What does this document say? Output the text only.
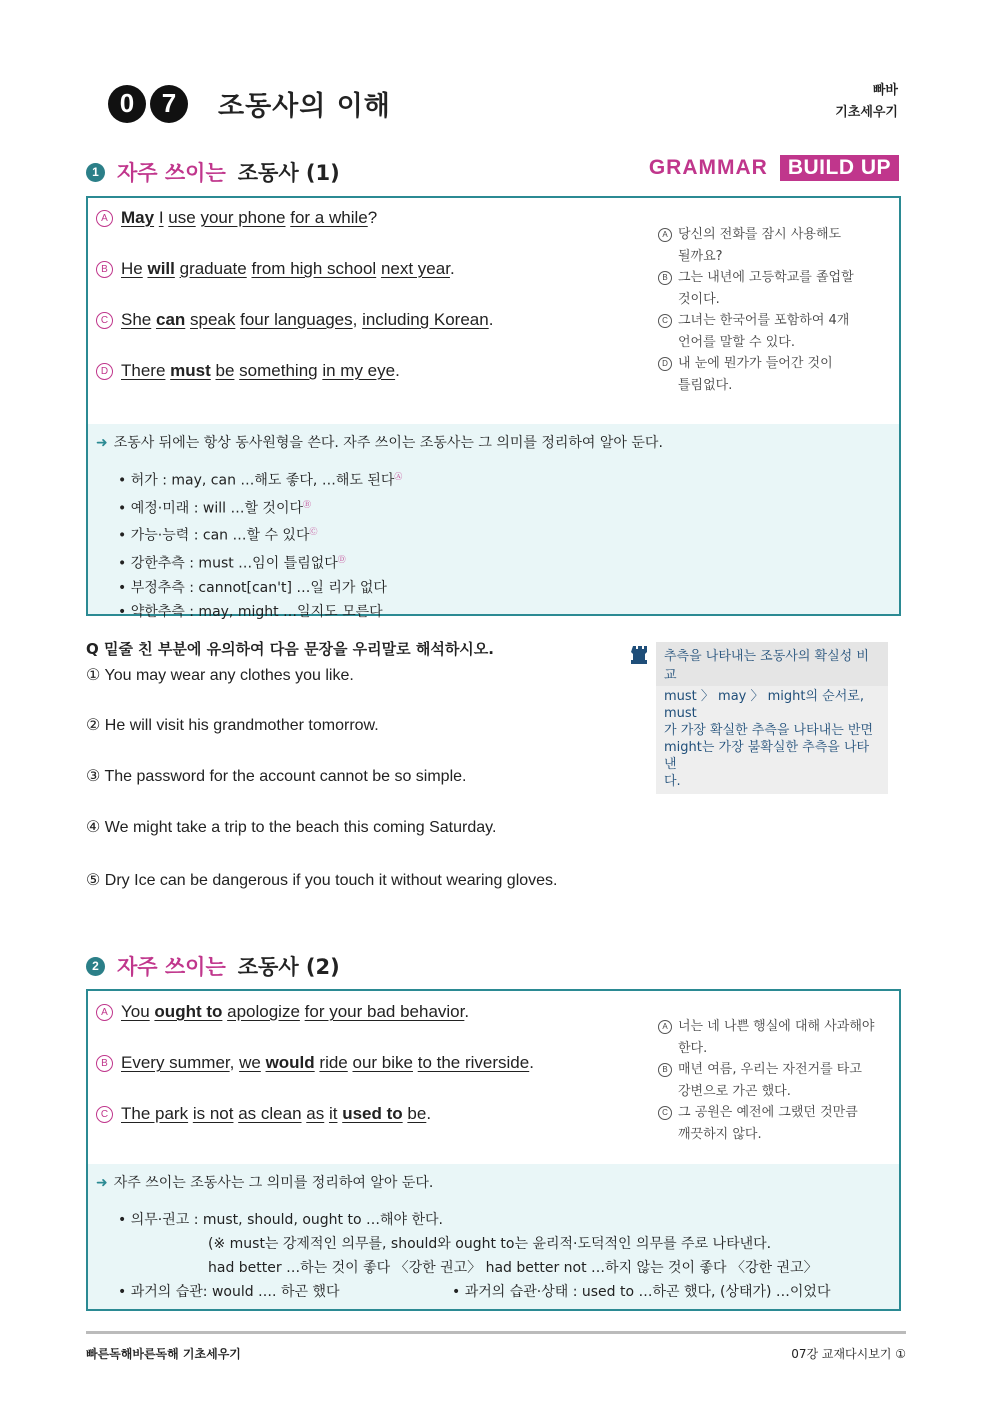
0	7	조동사의 이해
빠바
기초세우기
1 자주 쓰이는 조동사 (1)	GRAMMAR BUILD UP
A May I use your phone for a while?
B He will graduate from high school next year.
C She can speak four languages, including Korean.
D There must be something in my eye.
A 당신의 전화를 잠시 사용해도
될까요?
B 그는 내년에 고등학교를 졸업할
것이다.
C 그녀는 한국어를 포함하여 4개
언어를 말할 수 있다.
D 내 눈에 뭔가가 들어간 것이
틀림없다.
➜ 조동사 뒤에는 항상 동사원형을 쓴다. 자주 쓰이는 조동사는 그 의미를 정리하여 알아 둔다.
• 허가 : may, can …해도 좋다, …해도 된다Ⓐ
• 예정·미래 : will …할 것이다Ⓑ
• 가능·능력 : can …할 수 있다Ⓒ
• 강한추측 : must …임이 틀림없다Ⓓ
• 부정추측 : cannot[can't] …일 리가 없다
• 약한추측 : may, might …일지도 모른다
Q 밑줄 친 부분에 유의하여 다음 문장을 우리말로 해석하시오.
① You may wear any clothes you like.
② He will visit his grandmother tomorrow.
③ The password for the account cannot be so simple.
④ We might take a trip to the beach this coming Saturday.
⑤ Dry Ice can be dangerous if you touch it without wearing gloves.
추측을 나타내는 조동사의 확실성 비교
must 〉 may 〉 might의 순서로, must
가 가장 확실한 추측을 나타내는 반면
might는 가장 불확실한 추측을 나타낸
다.
2 자주 쓰이는 조동사 (2)
A You ought to apologize for your bad behavior.
B Every summer, we would ride our bike to the riverside.
C The park is not as clean as it used to be.
A 너는 네 나쁜 행실에 대해 사과해야
한다.
B 매년 여름, 우리는 자전거를 타고
강변으로 가곤 했다.
C 그 공원은 예전에 그랬던 것만큼
깨끗하지 않다.
➜ 자주 쓰이는 조동사는 그 의미를 정리하여 알아 둔다.
• 의무·권고 : must, should, ought to …해야 한다.
(※ must는 강제적인 의무를, should와 ought to는 윤리적·도덕적인 의무를 주로 나타낸다.
had better …하는 것이 좋다 〈강한 권고〉 had better not …하지 않는 것이 좋다 〈강한 권고〉
• 과거의 습관: would …. 하곤 했다	• 과거의 습관·상태 : used to …하곤 했다, (상태가) …이었다
빠른독해바른독해 기초세우기	07강 교재다시보기 ①
